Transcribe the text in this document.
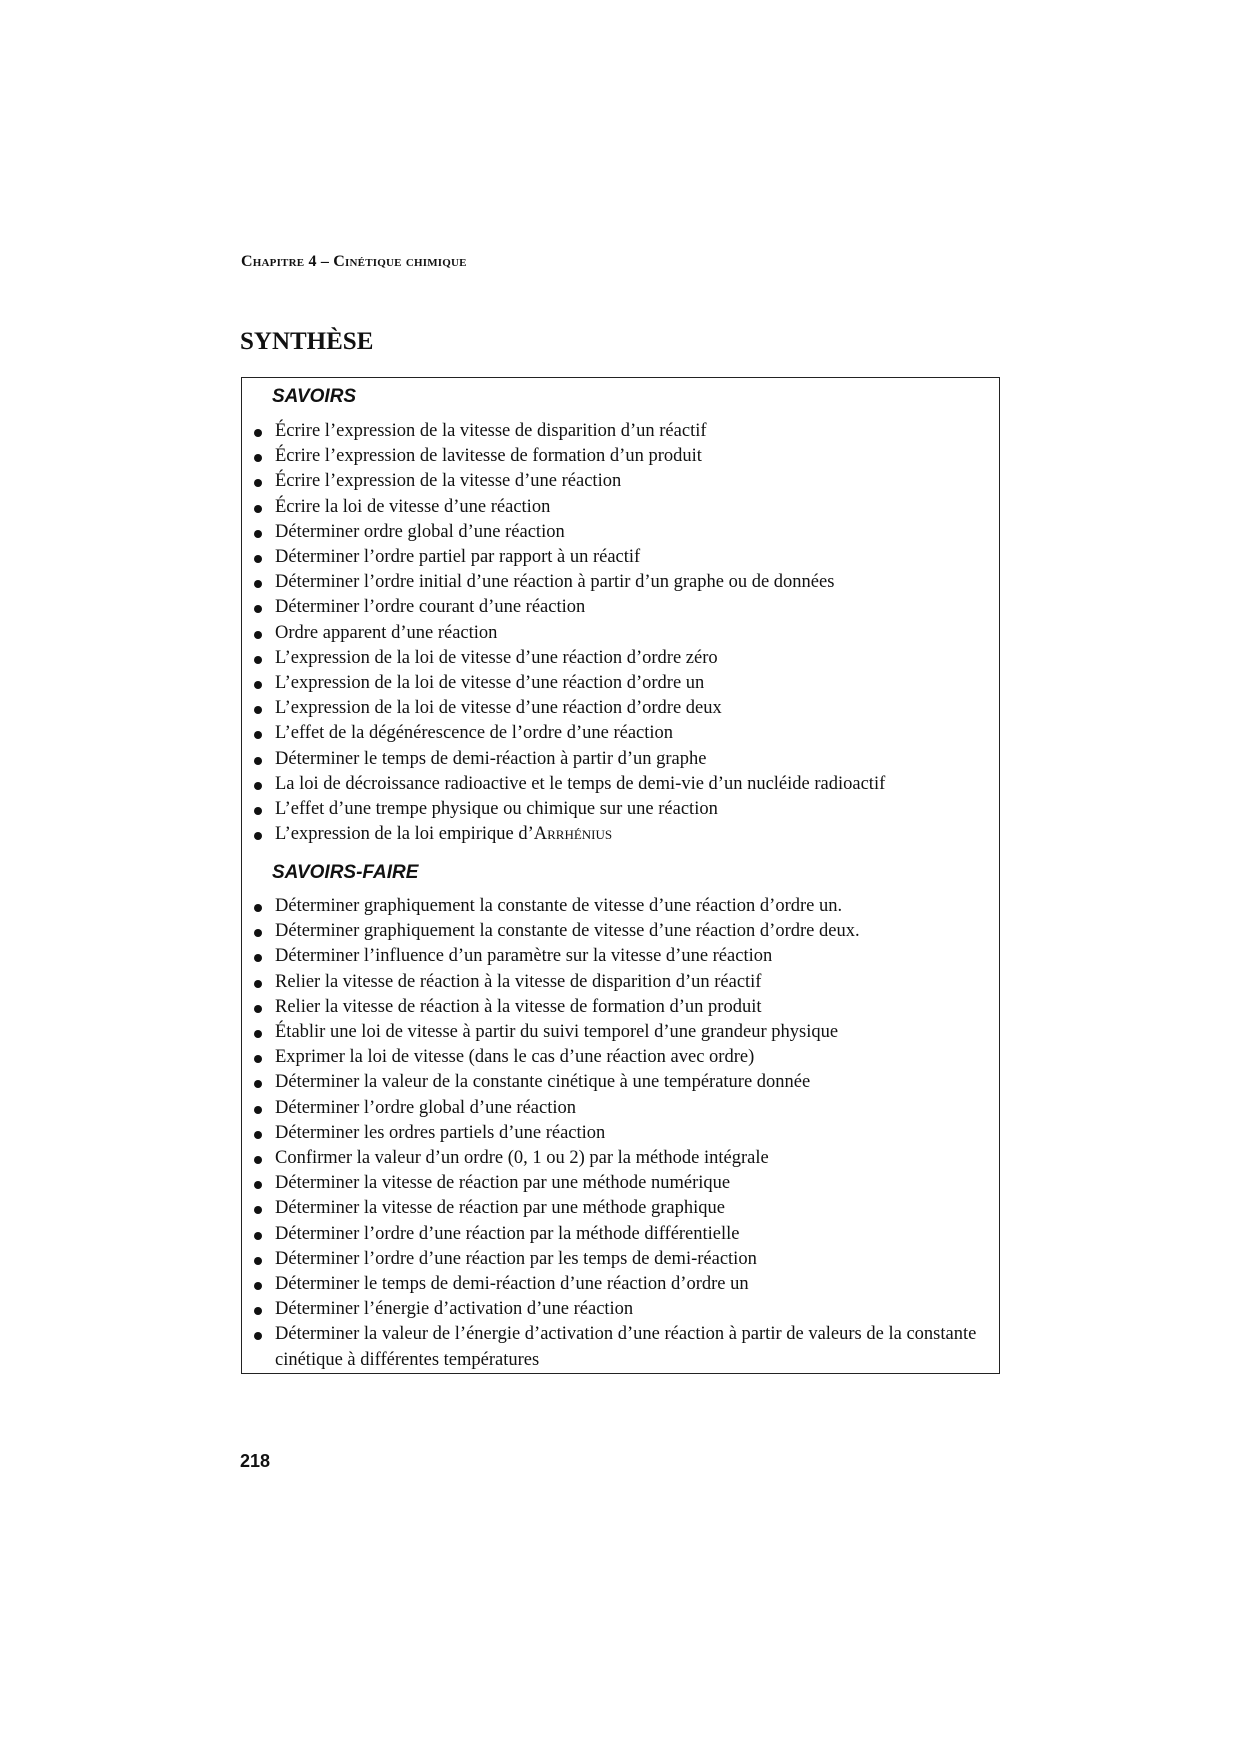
Chapitre 4 – Cinétique chimique
SYNTHÈSE
SAVOIRS
Écrire l’expression de la vitesse de disparition d’un réactif
Écrire l’expression de lavitesse de formation d’un produit
Écrire l’expression de la vitesse d’une réaction
Écrire la loi de vitesse d’une réaction
Déterminer ordre global d’une réaction
Déterminer l’ordre partiel par rapport à un réactif
Déterminer l’ordre initial d’une réaction à partir d’un graphe ou de données
Déterminer l’ordre courant d’une réaction
Ordre apparent d’une réaction
L’expression de la loi de vitesse d’une réaction d’ordre zéro
L’expression de la loi de vitesse d’une réaction d’ordre un
L’expression de la loi de vitesse d’une réaction d’ordre deux
L’effet de la dégénérescence de l’ordre d’une réaction
Déterminer le temps de demi-réaction à partir d’un graphe
La loi de décroissance radioactive et le temps de demi-vie d’un nucléide radioactif
L’effet d’une trempe physique ou chimique sur une réaction
L’expression de la loi empirique d’Arrhénius
SAVOIRS-FAIRE
Déterminer graphiquement la constante de vitesse d’une réaction d’ordre un.
Déterminer graphiquement la constante de vitesse d’une réaction d’ordre deux.
Déterminer l’influence d’un paramètre sur la vitesse d’une réaction
Relier la vitesse de réaction à la vitesse de disparition d’un réactif
Relier la vitesse de réaction à la vitesse de formation d’un produit
Établir une loi de vitesse à partir du suivi temporel d’une grandeur physique
Exprimer la loi de vitesse (dans le cas d’une réaction avec ordre)
Déterminer la valeur de la constante cinétique à une température donnée
Déterminer l’ordre global d’une réaction
Déterminer les ordres partiels d’une réaction
Confirmer la valeur d’un ordre (0, 1 ou 2) par la méthode intégrale
Déterminer la vitesse de réaction par une méthode numérique
Déterminer la vitesse de réaction par une méthode graphique
Déterminer l’ordre d’une réaction par la méthode différentielle
Déterminer l’ordre d’une réaction par les temps de demi-réaction
Déterminer le temps de demi-réaction d’une réaction d’ordre un
Déterminer l’énergie d’activation d’une réaction
Déterminer la valeur de l’énergie d’activation d’une réaction à partir de valeurs de la constante cinétique à différentes températures
218
